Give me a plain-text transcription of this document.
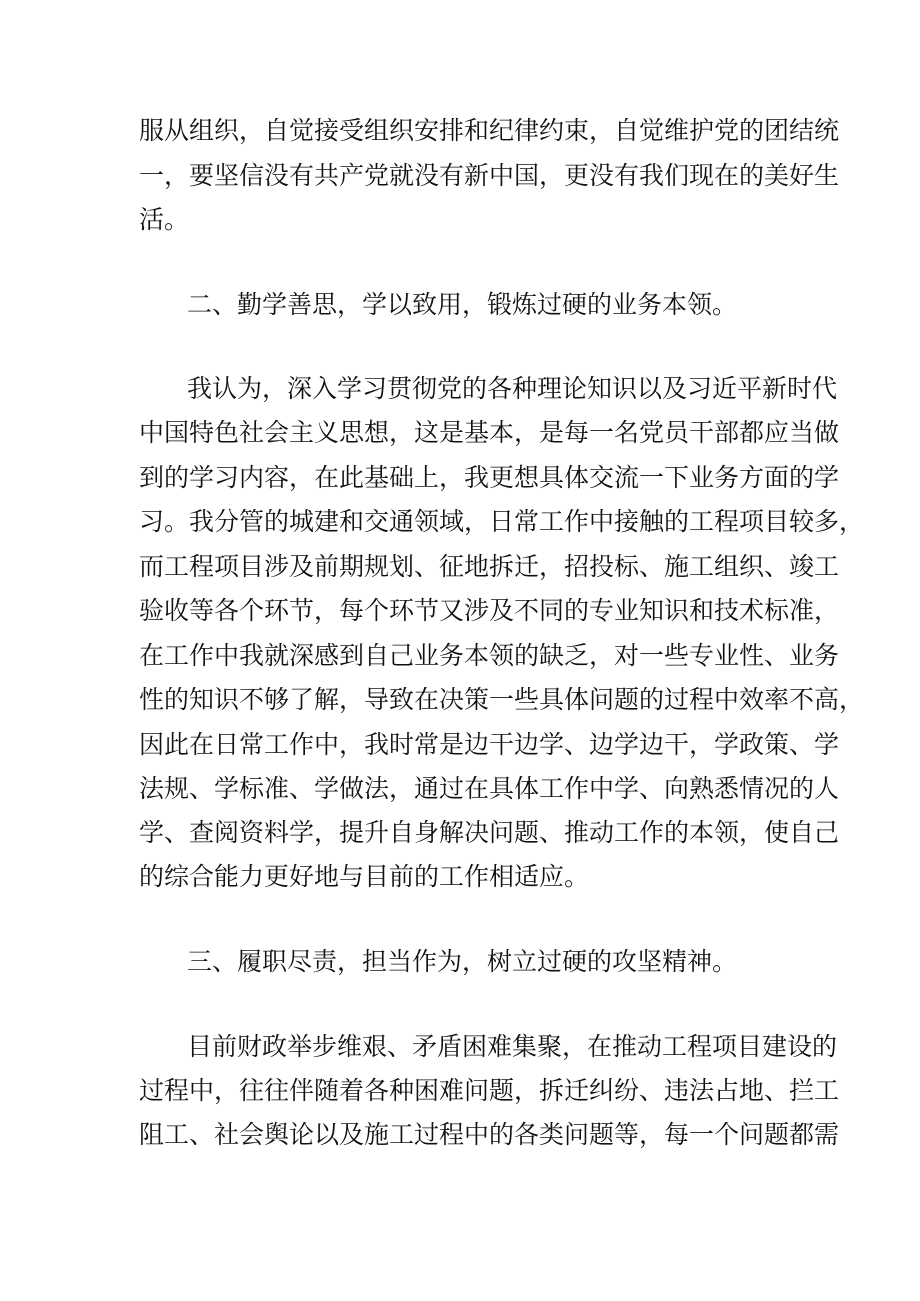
服从组织，自觉接受组织安排和纪律约束，自觉维护党的团结统
一，要坚信没有共产党就没有新中国，更没有我们现在的美好生
活。
二、勤学善思，学以致用，锻炼过硬的业务本领。
我认为，深入学习贯彻党的各种理论知识以及习近平新时代
中国特色社会主义思想，这是基本，是每一名党员干部都应当做
到的学习内容，在此基础上，我更想具体交流一下业务方面的学
习。我分管的城建和交通领域，日常工作中接触的工程项目较多，
而工程项目涉及前期规划、征地拆迁，招投标、施工组织、竣工
验收等各个环节，每个环节又涉及不同的专业知识和技术标准，
在工作中我就深感到自己业务本领的缺乏，对一些专业性、业务
性的知识不够了解，导致在决策一些具体问题的过程中效率不高，
因此在日常工作中，我时常是边干边学、边学边干，学政策、学
法规、学标准、学做法，通过在具体工作中学、向熟悉情况的人
学、查阅资料学，提升自身解决问题、推动工作的本领，使自己
的综合能力更好地与目前的工作相适应。
三、履职尽责，担当作为，树立过硬的攻坚精神。
目前财政举步维艰、矛盾困难集聚，在推动工程项目建设的
过程中，往往伴随着各种困难问题，拆迁纠纷、违法占地、拦工
阻工、社会舆论以及施工过程中的各类问题等，每一个问题都需
